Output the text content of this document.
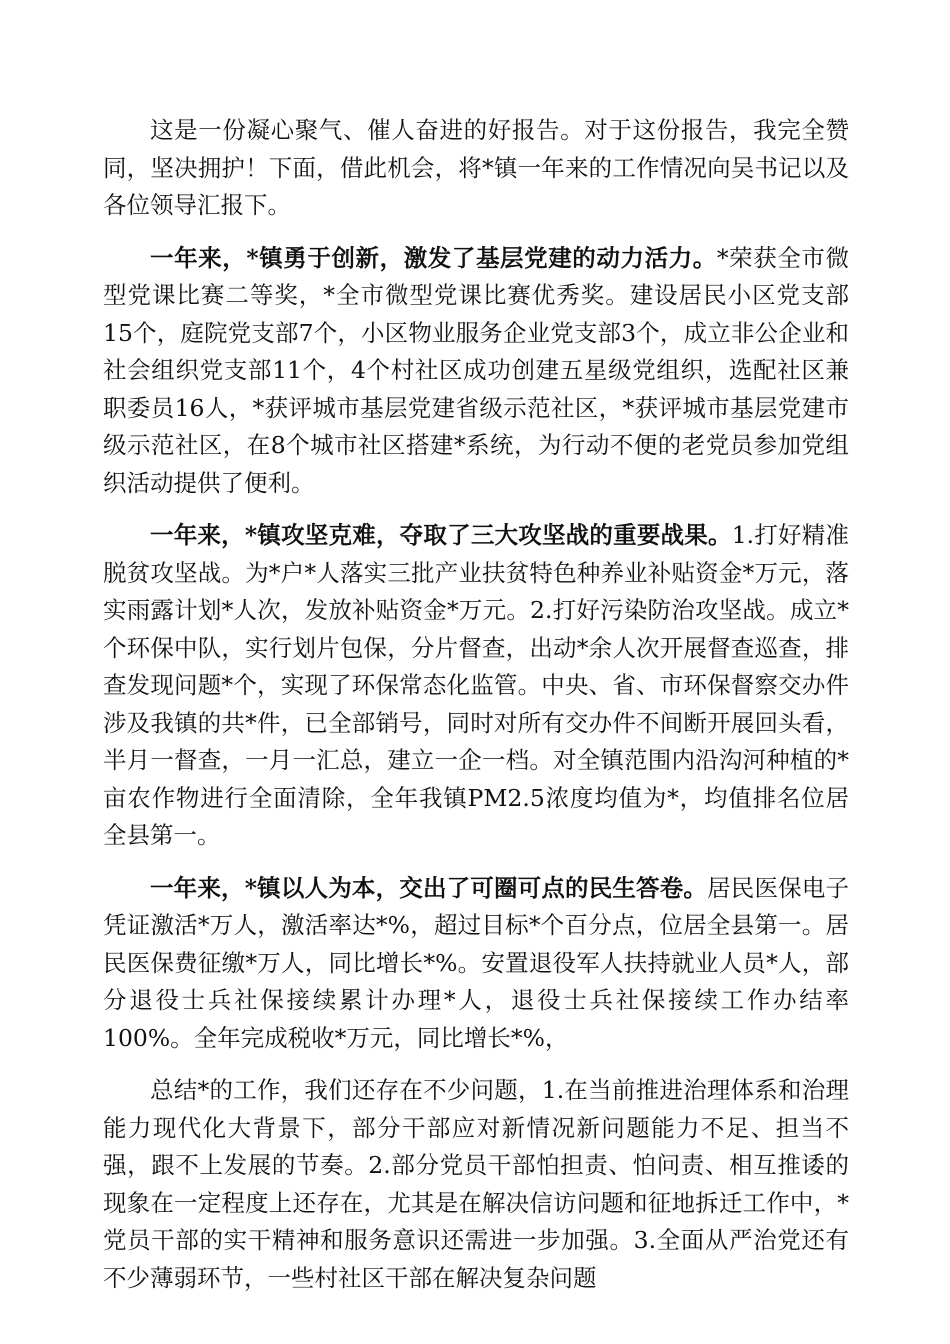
这是一份凝心聚气、催人奋进的好报告。对于这份报告，我完全赞同，坚决拥护！下面，借此机会，将*镇一年来的工作情况向吴书记以及各位领导汇报下。

一年来，*镇勇于创新，激发了基层党建的动力活力。*荣获全市微型党课比赛二等奖，*全市微型党课比赛优秀奖。建设居民小区党支部15个，庭院党支部7个，小区物业服务企业党支部3个，成立非公企业和社会组织党支部11个，4个村社区成功创建五星级党组织，选配社区兼职委员16人，*获评城市基层党建省级示范社区，*获评城市基层党建市级示范社区，在8个城市社区搭建*系统，为行动不便的老党员参加党组织活动提供了便利。

一年来，*镇攻坚克难，夺取了三大攻坚战的重要战果。1.打好精准脱贫攻坚战。为*户*人落实三批产业扶贫特色种养业补贴资金*万元，落实雨露计划*人次，发放补贴资金*万元。2.打好污染防治攻坚战。成立*个环保中队，实行划片包保，分片督查，出动*余人次开展督查巡查，排查发现问题*个，实现了环保常态化监管。中央、省、市环保督察交办件涉及我镇的共*件，已全部销号，同时对所有交办件不间断开展回头看，半月一督查，一月一汇总，建立一企一档。对全镇范围内沿沟河种植的*亩农作物进行全面清除，全年我镇PM2.5浓度均值为*，均值排名位居全县第一。

一年来，*镇以人为本，交出了可圈可点的民生答卷。居民医保电子凭证激活*万人，激活率达*%，超过目标*个百分点，位居全县第一。居民医保费征缴*万人，同比增长*%。安置退役军人扶持就业人员*人，部分退役士兵社保接续累计办理*人，退役士兵社保接续工作办结率100%。全年完成税收*万元，同比增长*%，

总结*的工作，我们还存在不少问题，1.在当前推进治理体系和治理能力现代化大背景下，部分干部应对新情况新问题能力不足、担当不强，跟不上发展的节奏。2.部分党员干部怕担责、怕问责、相互推诿的现象在一定程度上还存在，尤其是在解决信访问题和征地拆迁工作中，*党员干部的实干精神和服务意识还需进一步加强。3.全面从严治党还有不少薄弱环节，一些村社区干部在解决复杂问题
